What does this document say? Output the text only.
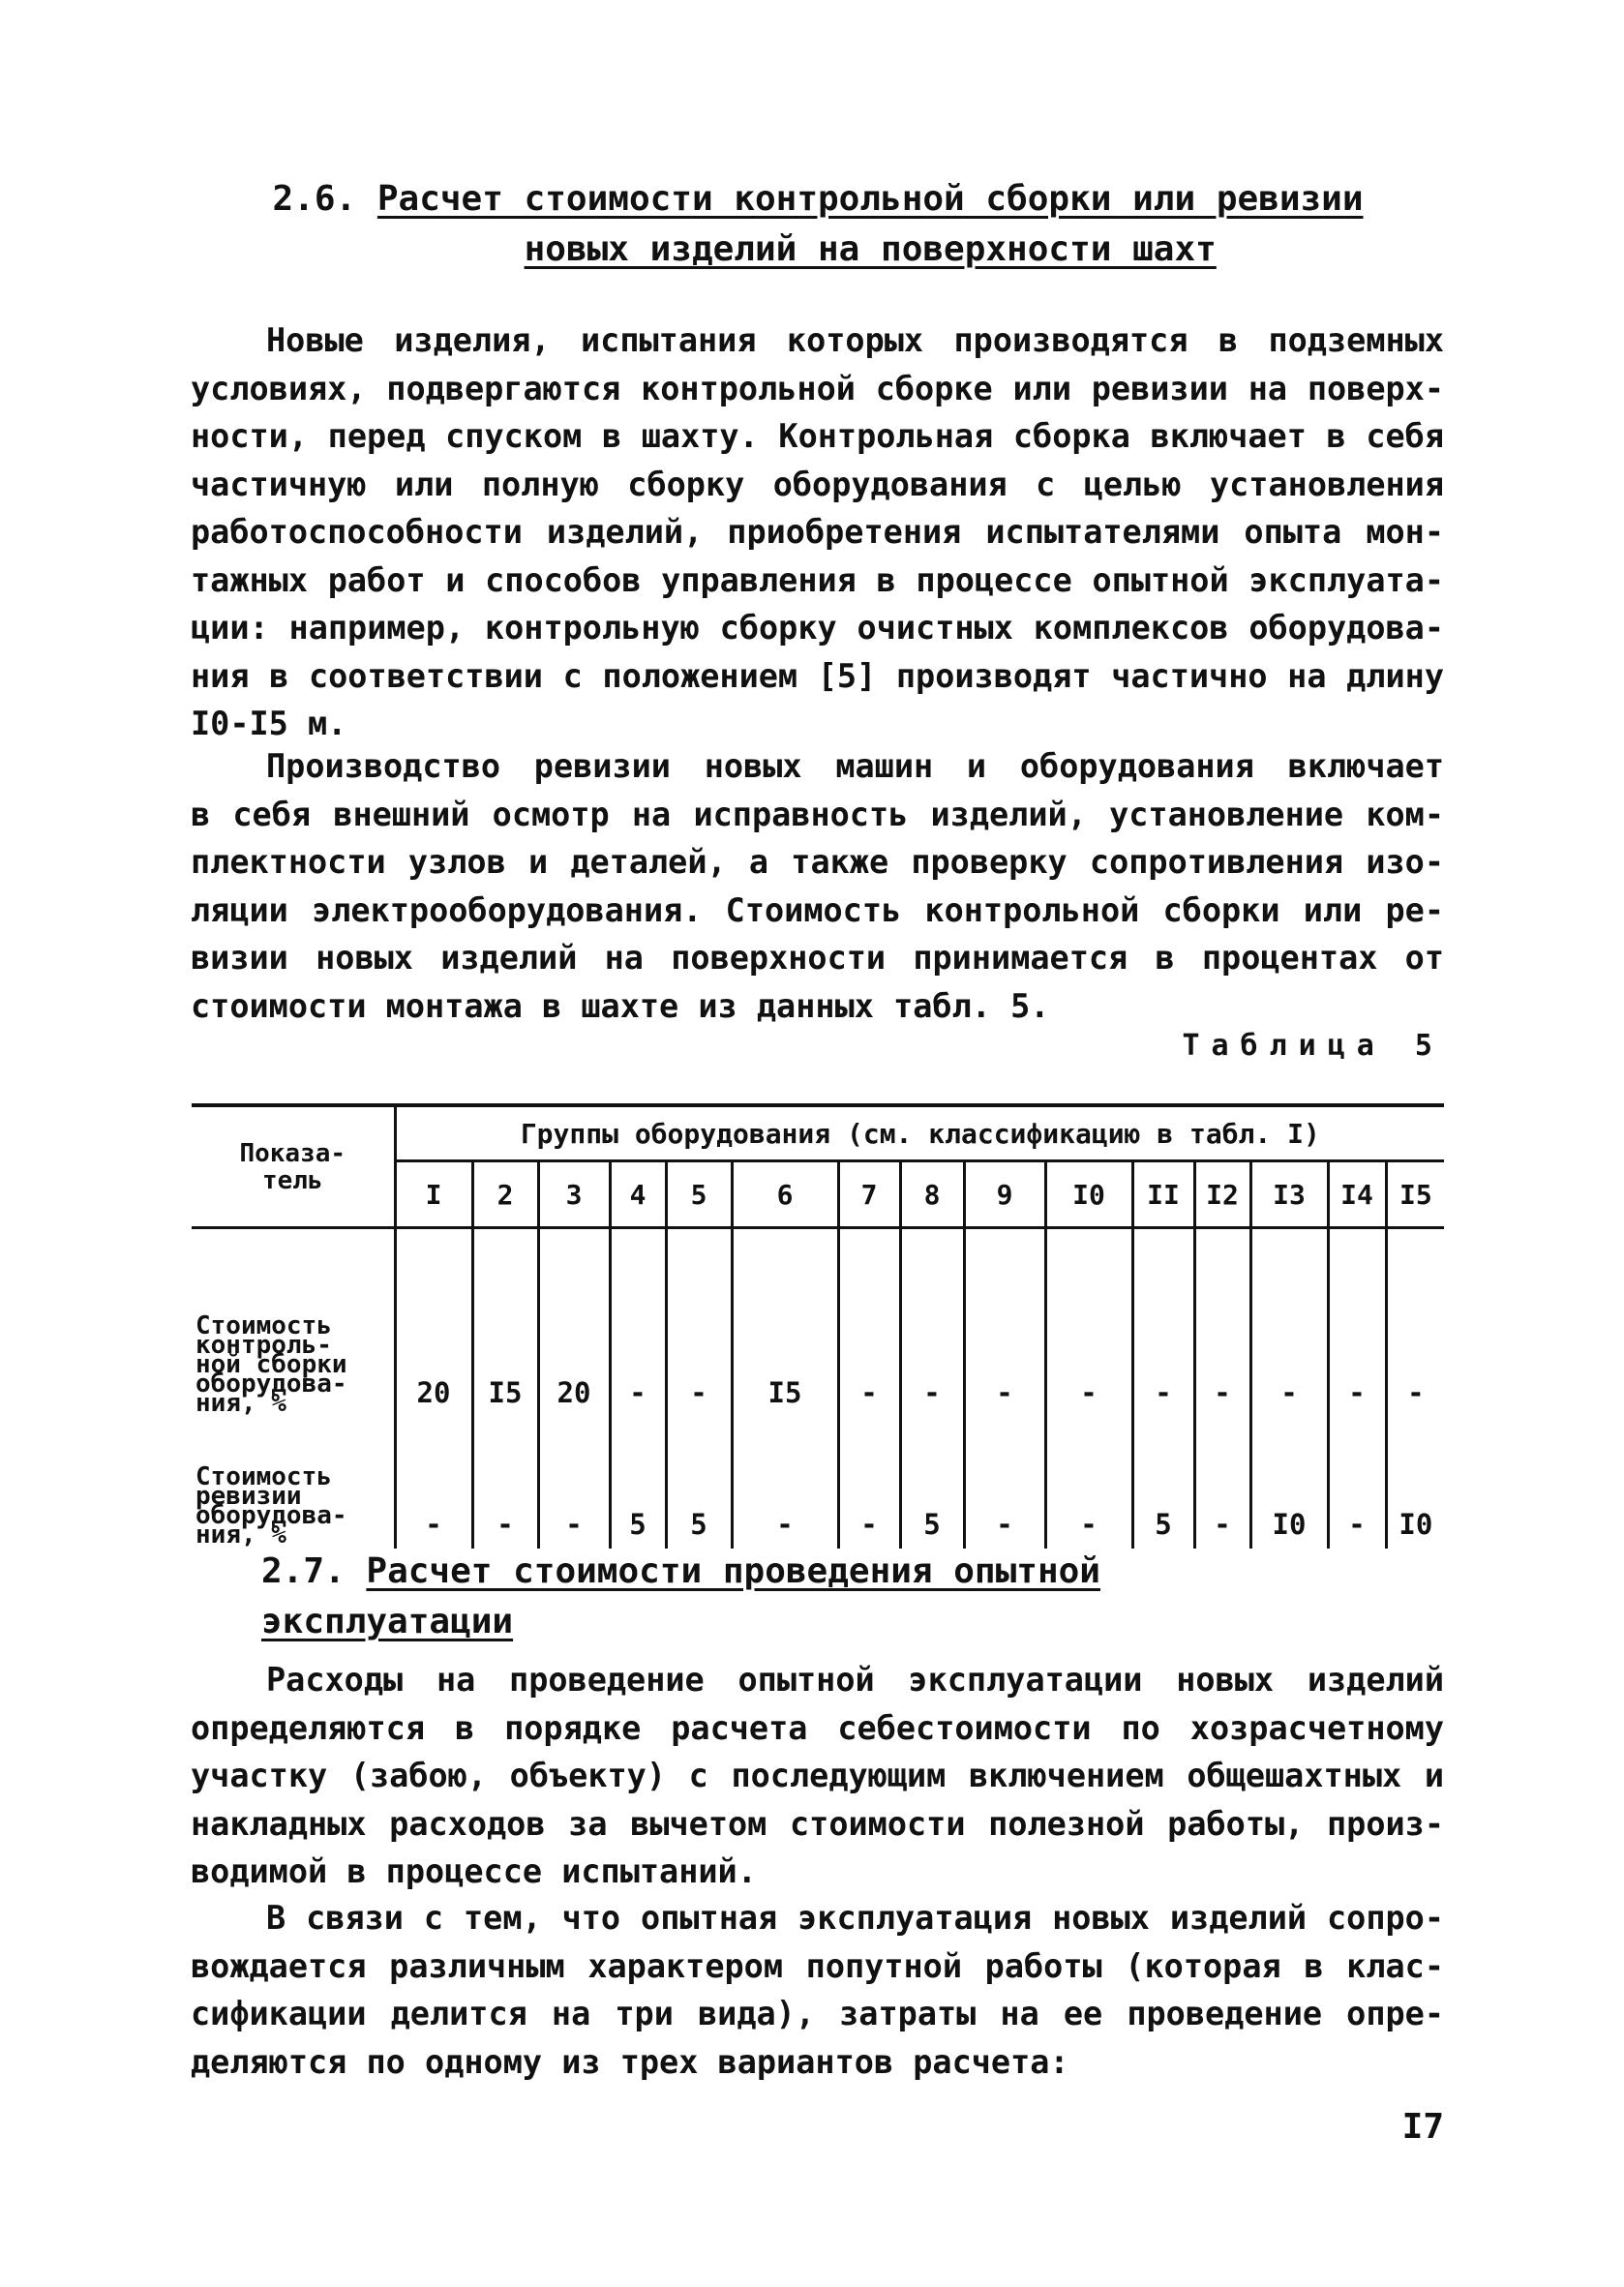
2.6. Расчет стоимости контрольной сборки или ревизии
новых изделий на поверхности шахт
Новые изделия, испытания которых производятся в подземных
условиях, подвергаются контрольной сборке или ревизии на поверх-
ности, перед спуском в шахту. Контрольная сборка включает в себя
частичную или полную сборку оборудования с целью установления
работоспособности изделий, приобретения испытателями опыта мон-
тажных работ и способов управления в процессе опытной эксплуата-
ции: например, контрольную сборку очистных комплексов оборудова-
ния в соответствии с положением [5] производят частично на длину
I0-I5 м.
Производство ревизии новых машин и оборудования включает
в себя внешний осмотр на исправность изделий, установление ком-
плектности узлов и деталей, а также проверку сопротивления изо-
ляции электрооборудования. Стоимость контрольной сборки или ре-
визии новых изделий на поверхности принимается в процентах от
стоимости монтажа в шахте из данных табл. 5.
Таблица 5
Показа-
тель	Группы оборудования (см. классификацию в табл. I)														
	I	2	3	4	5	6	7	8	9	I0	II	I2	I3	I4	I5
Стоимость
контроль-
ной сборки
оборудова-
ния, %	20	I5	20	-	-	I5	-	-	-	-	-	-	-	-	-
Стоимость
ревизии
оборудова-
ния, %	-	-	-	5	5	-	-	5	-	-	5	-	I0	-	I0
2.7. Расчет стоимости проведения опытной эксплуатации
Расходы на проведение опытной эксплуатации новых изделий
определяются в порядке расчета себестоимости по хозрасчетному
участку (забою, объекту) с последующим включением общешахтных и
накладных расходов за вычетом стоимости полезной работы, произ-
водимой в процессе испытаний.
В связи с тем, что опытная эксплуатация новых изделий сопро-
вождается различным характером попутной работы (которая в клас-
сификации делится на три вида), затраты на ее проведение опре-
деляются по одному из трех вариантов расчета:
I7
